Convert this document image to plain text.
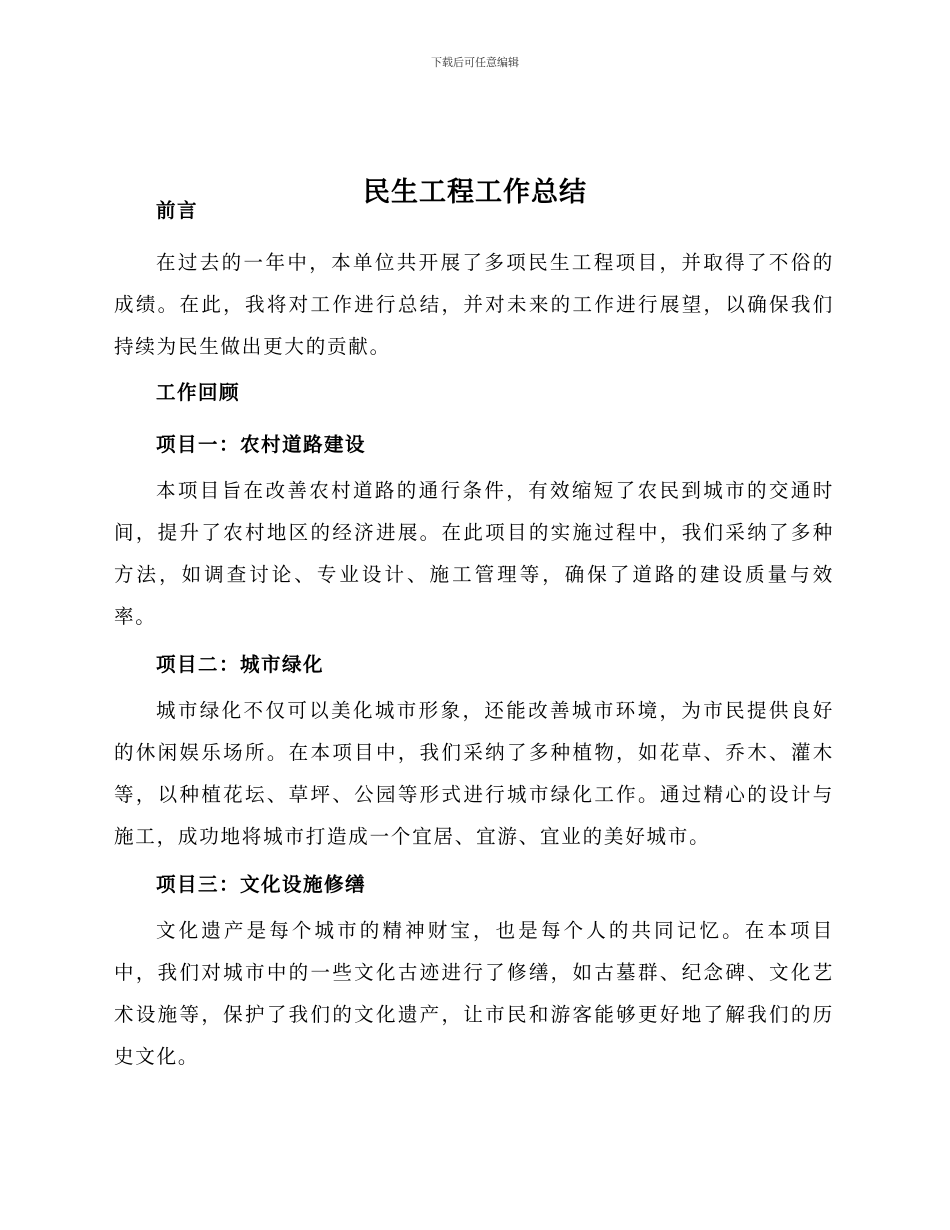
下载后可任意编辑
民生工程工作总结

前言

在过去的一年中，本单位共开展了多项民生工程项目，并取得了不俗的成绩。在此，我将对工作进行总结，并对未来的工作进行展望，以确保我们持续为民生做出更大的贡献。

工作回顾

项目一：农村道路建设

本项目旨在改善农村道路的通行条件，有效缩短了农民到城市的交通时间，提升了农村地区的经济进展。在此项目的实施过程中，我们采纳了多种方法，如调查讨论、专业设计、施工管理等，确保了道路的建设质量与效率。

项目二：城市绿化

城市绿化不仅可以美化城市形象，还能改善城市环境，为市民提供良好的休闲娱乐场所。在本项目中，我们采纳了多种植物，如花草、乔木、灌木等，以种植花坛、草坪、公园等形式进行城市绿化工作。通过精心的设计与施工，成功地将城市打造成一个宜居、宜游、宜业的美好城市。

项目三：文化设施修缮

文化遗产是每个城市的精神财宝，也是每个人的共同记忆。在本项目中，我们对城市中的一些文化古迹进行了修缮，如古墓群、纪念碑、文化艺术设施等，保护了我们的文化遗产，让市民和游客能够更好地了解我们的历史文化。
